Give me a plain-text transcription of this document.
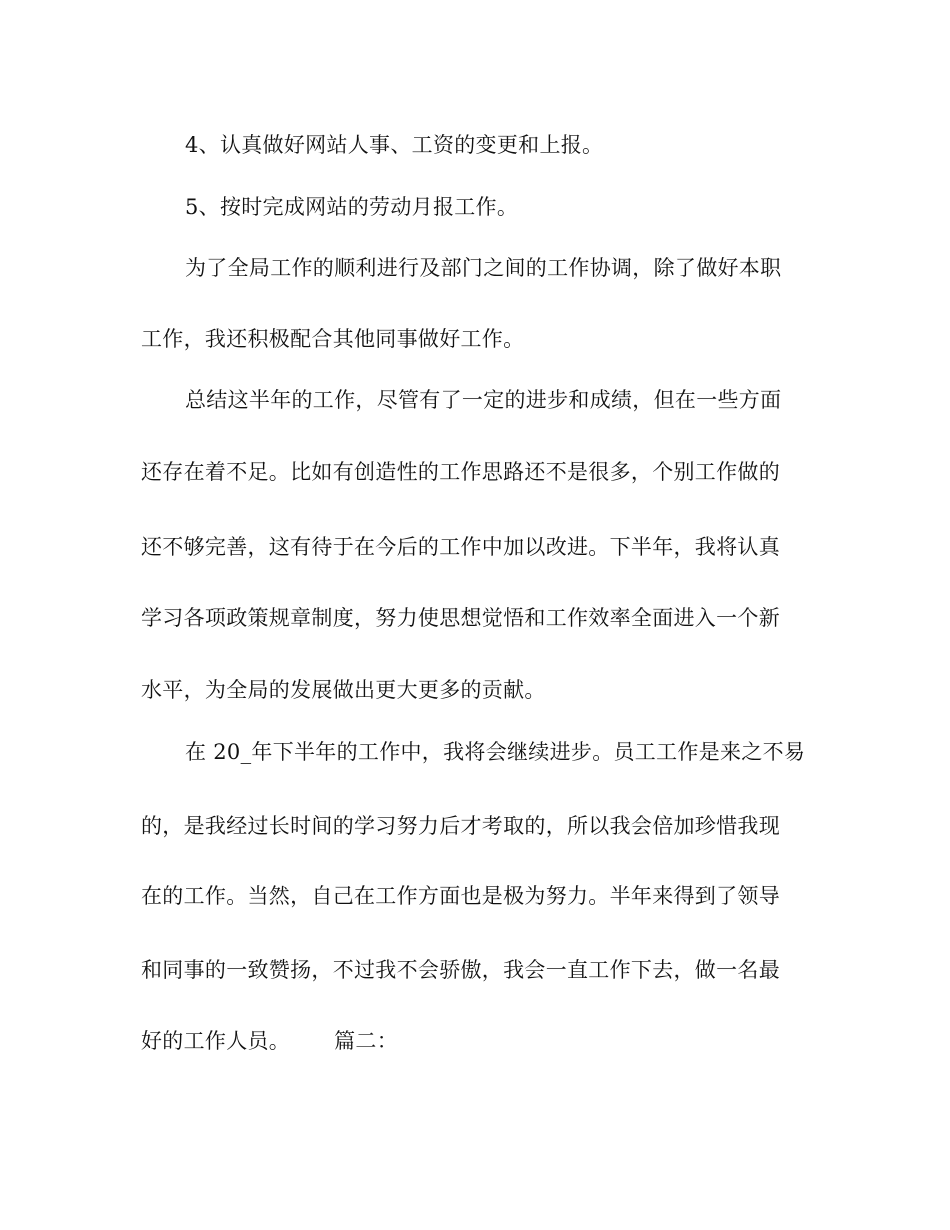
4、认真做好网站人事、工资的变更和上报。
5、按时完成网站的劳动月报工作。
为了全局工作的顺利进行及部门之间的工作协调，除了做好本职
工作，我还积极配合其他同事做好工作。
总结这半年的工作，尽管有了一定的进步和成绩，但在一些方面
还存在着不足。比如有创造性的工作思路还不是很多，个别工作做的
还不够完善，这有待于在今后的工作中加以改进。下半年，我将认真
学习各项政策规章制度，努力使思想觉悟和工作效率全面进入一个新
水平，为全局的发展做出更大更多的贡献。
在 20_年下半年的工作中，我将会继续进步。员工工作是来之不易
的，是我经过长时间的学习努力后才考取的，所以我会倍加珍惜我现
在的工作。当然，自己在工作方面也是极为努力。半年来得到了领导
和同事的一致赞扬，不过我不会骄傲，我会一直工作下去，做一名最
好的工作人员。 篇二：
